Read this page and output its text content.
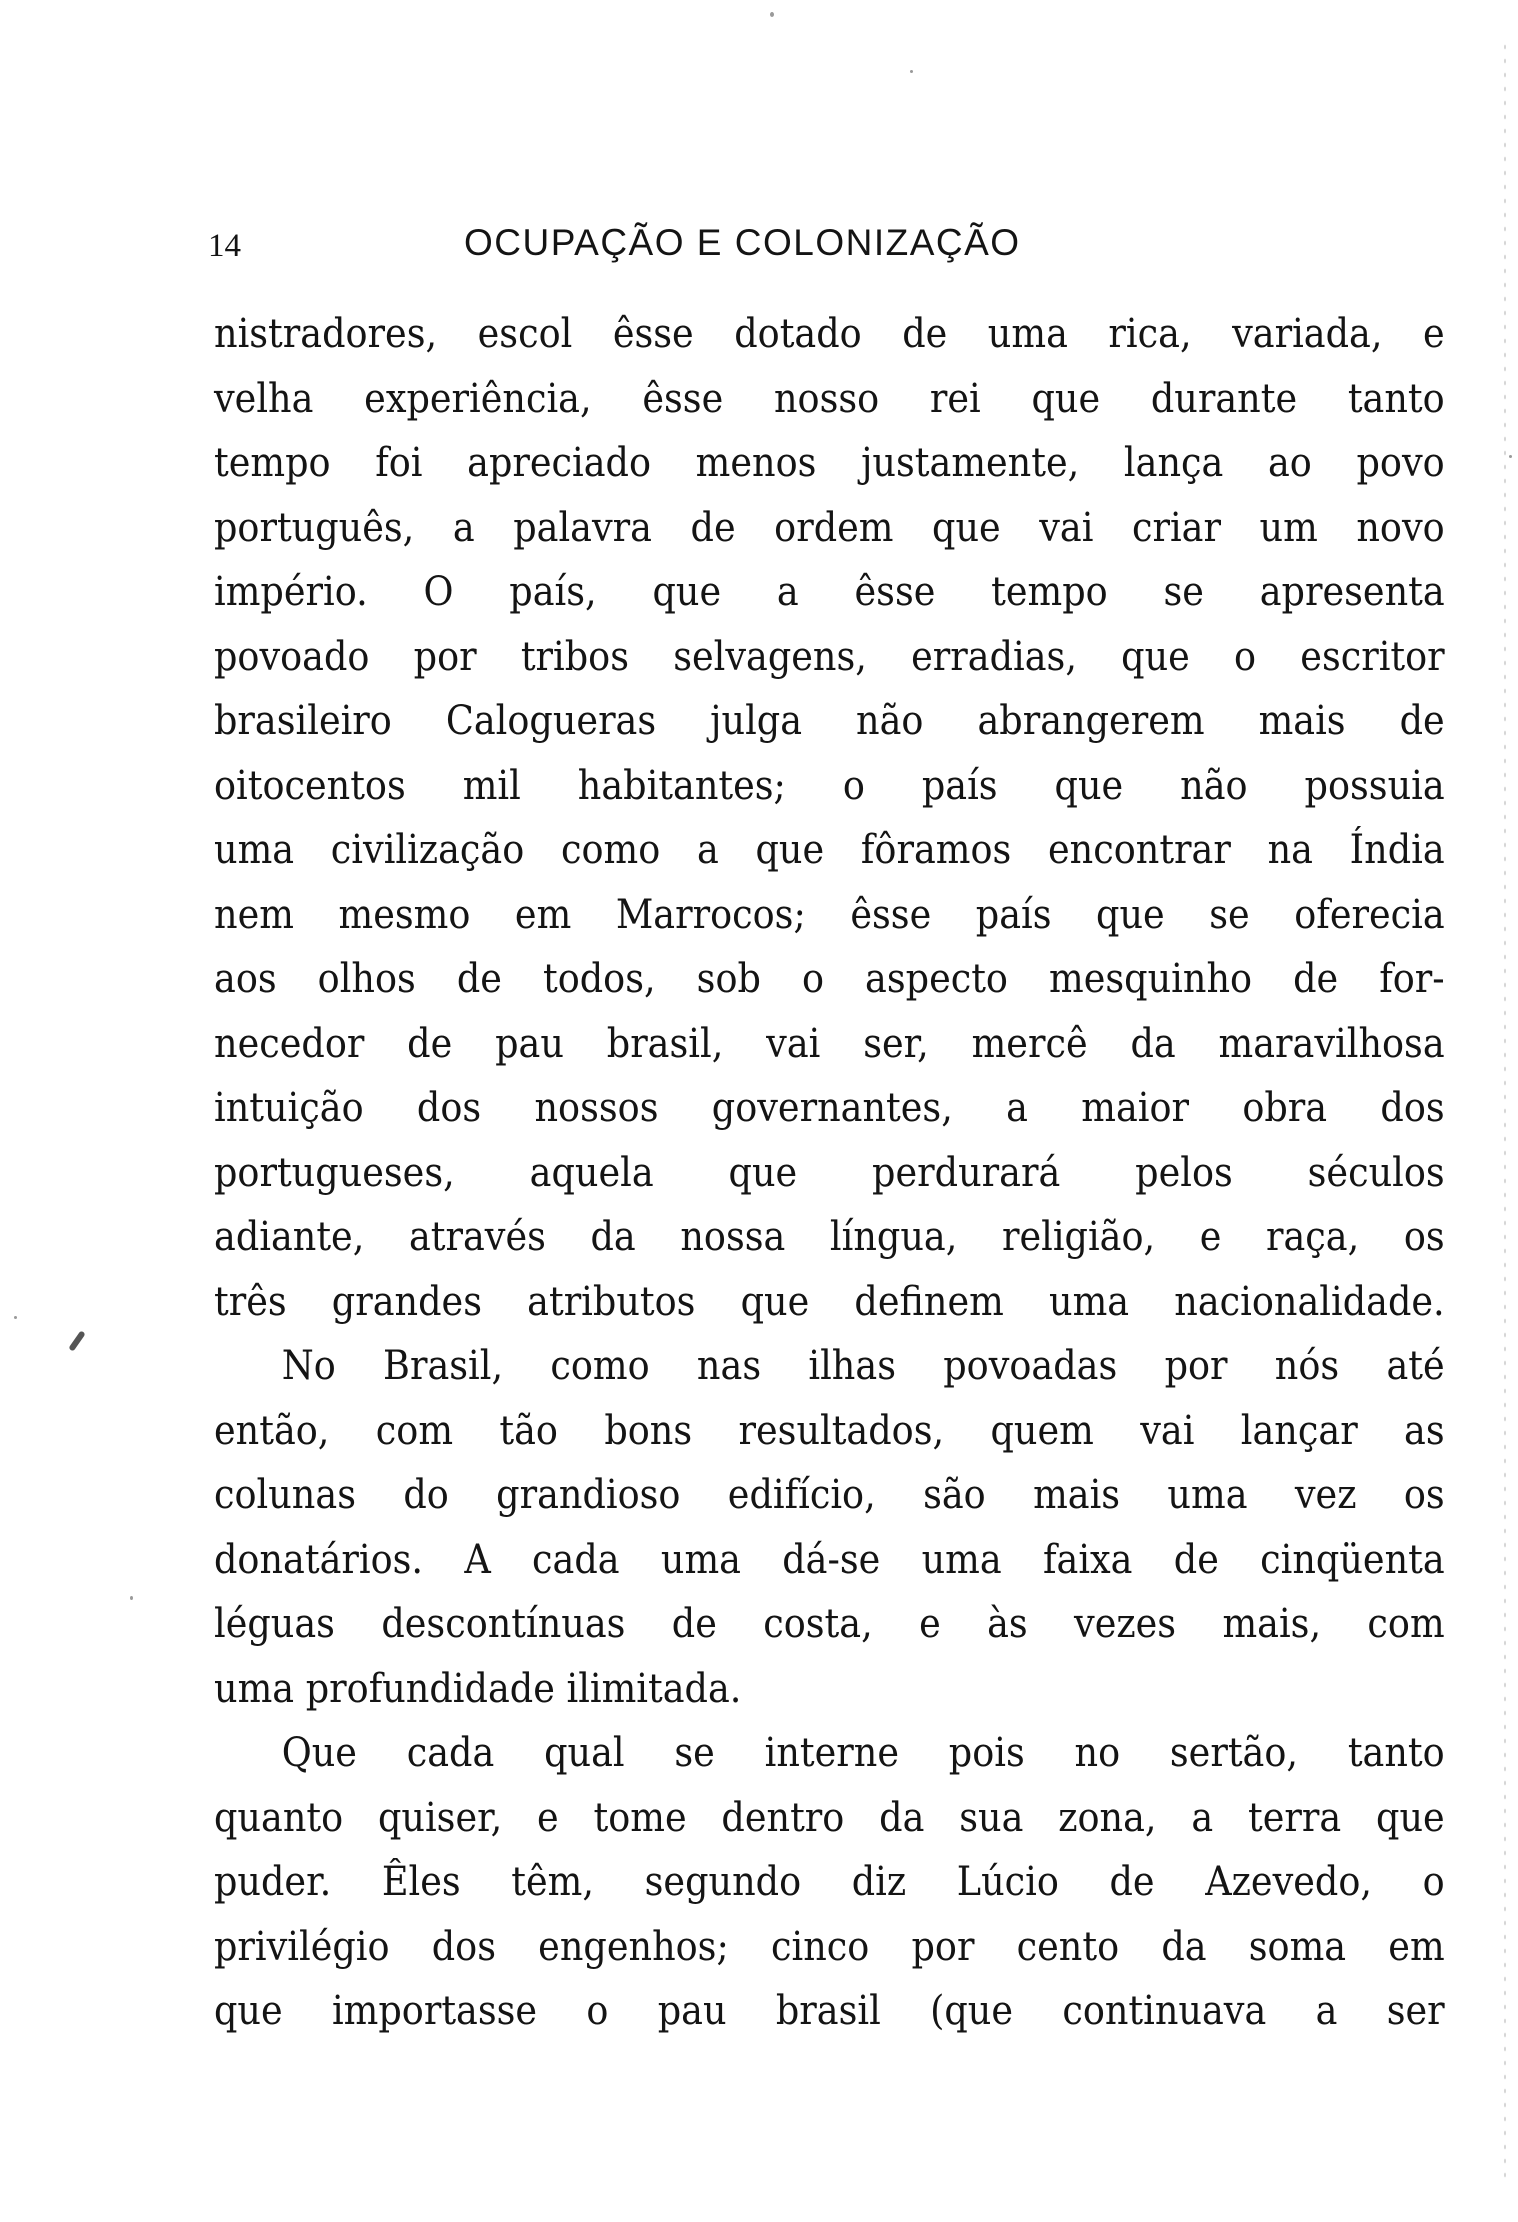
14	OCUPAÇÃO E COLONIZAÇÃO
nistradores, escol êsse dotado de uma rica, variada, e
velha experiência, êsse nosso rei que durante tanto
tempo foi apreciado menos justamente, lança ao povo
português, a palavra de ordem que vai criar um novo
império. O país, que a êsse tempo se apresenta
povoado por tribos selvagens, erradias, que o escritor
brasileiro Calogueras julga não abrangerem mais de
oitocentos mil habitantes; o país que não possuia
uma civilização como a que fôramos encontrar na Índia
nem mesmo em Marrocos; êsse país que se oferecia
aos olhos de todos, sob o aspecto mesquinho de for-
necedor de pau brasil, vai ser, mercê da maravilhosa
intuição dos nossos governantes, a maior obra dos
portugueses, aquela que perdurará pelos séculos
adiante, através da nossa língua, religião, e raça, os
três grandes atributos que definem uma nacionalidade.
No Brasil, como nas ilhas povoadas por nós até
então, com tão bons resultados, quem vai lançar as
colunas do grandioso edifício, são mais uma vez os
donatários. A cada uma dá-se uma faixa de cinqüenta
léguas descontínuas de costa, e às vezes mais, com
uma profundidade ilimitada.
Que cada qual se interne pois no sertão, tanto
quanto quiser, e tome dentro da sua zona, a terra que
puder. Êles têm, segundo diz Lúcio de Azevedo, o
privilégio dos engenhos; cinco por cento da soma em
que importasse o pau brasil (que continuava a ser
